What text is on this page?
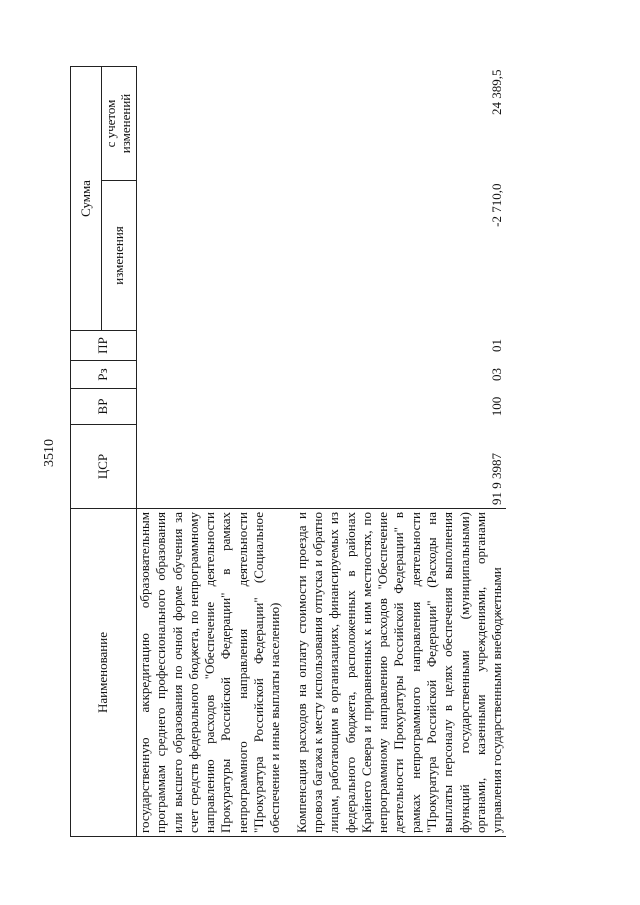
3510
Наименование	ЦСР	ВР	Рз	ПР	Сумма	
					изменения	с учетом изменений
государственную аккредитацию образовательным программам среднего профессионального образования или высшего образования по очной форме обучения за счет средств федерального бюджета, по непрограммному направлению расходов "Обеспечение деятельности Прокуратуры Российской Федерации" в рамках непрограммного направления деятельности "Прокуратура Российской Федерации" (Социальное обеспечение и иные выплаты населению)						

Компенсация расходов на оплату стоимости проезда и провоза багажа к месту использования отпуска и обратно лицам, работающим в организациях, финансируемых из федерального бюджета, расположенных в районах Крайнего Севера и приравненных к ним местностях, по непрограммному направлению расходов "Обеспечение деятельности Прокуратуры Российской Федерации" в рамках непрограммного направления деятельности "Прокуратура Российской Федерации" (Расходы на выплаты персоналу в целях обеспечения выполнения функций государственными (муниципальными) органами, казенными учреждениями, органами управления государственными внебюджетными	91 9 3987	100	03	01	-2 710,0	24 389,5
